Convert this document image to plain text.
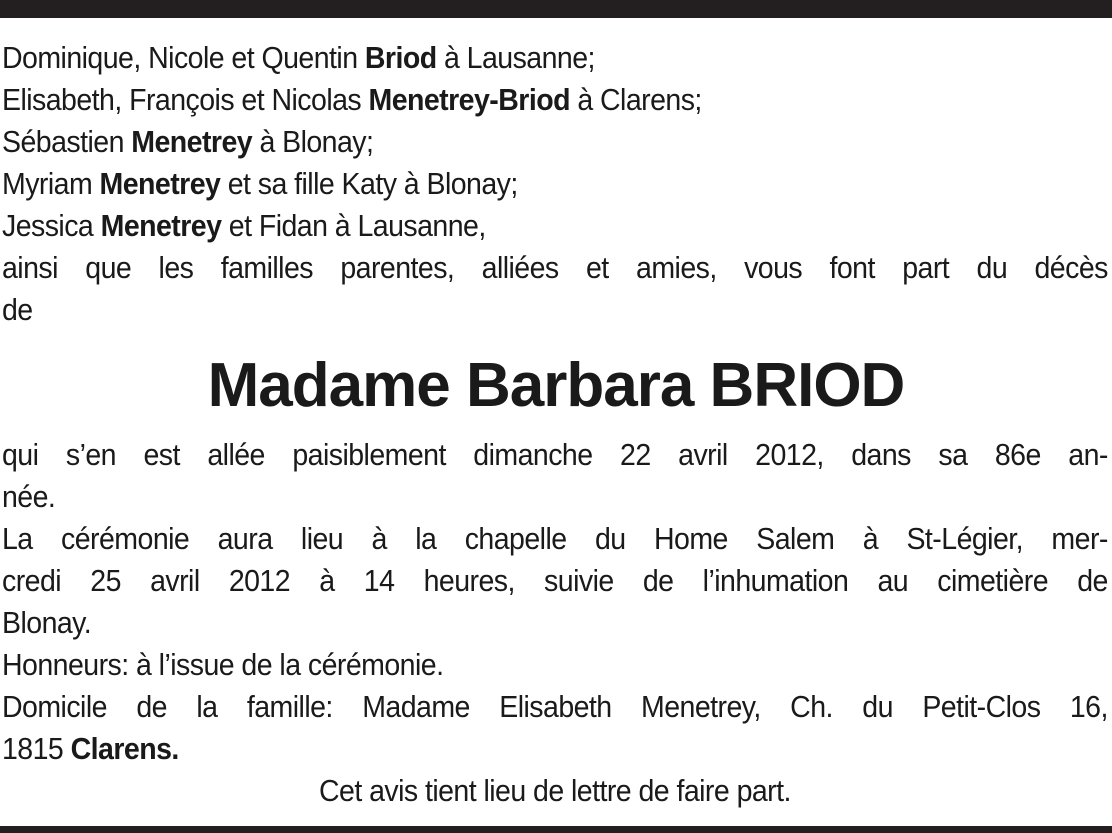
Dominique, Nicole et Quentin Briod à Lausanne;
Elisabeth, François et Nicolas Menetrey-Briod à Clarens;
Sébastien Menetrey à Blonay;
Myriam Menetrey et sa fille Katy à Blonay;
Jessica Menetrey et Fidan à Lausanne,
ainsi que les familles parentes, alliées et amies, vous font part du décès
de
Madame Barbara BRIOD
qui s’en est allée paisiblement dimanche 22 avril 2012, dans sa 86e an-
née.
La cérémonie aura lieu à la chapelle du Home Salem à St-Légier, mer-
credi 25 avril 2012 à 14 heures, suivie de l’inhumation au cimetière de
Blonay.
Honneurs: à l’issue de la cérémonie.
Domicile de la famille: Madame Elisabeth Menetrey, Ch. du Petit-Clos 16,
1815 Clarens.
Cet avis tient lieu de lettre de faire part.
